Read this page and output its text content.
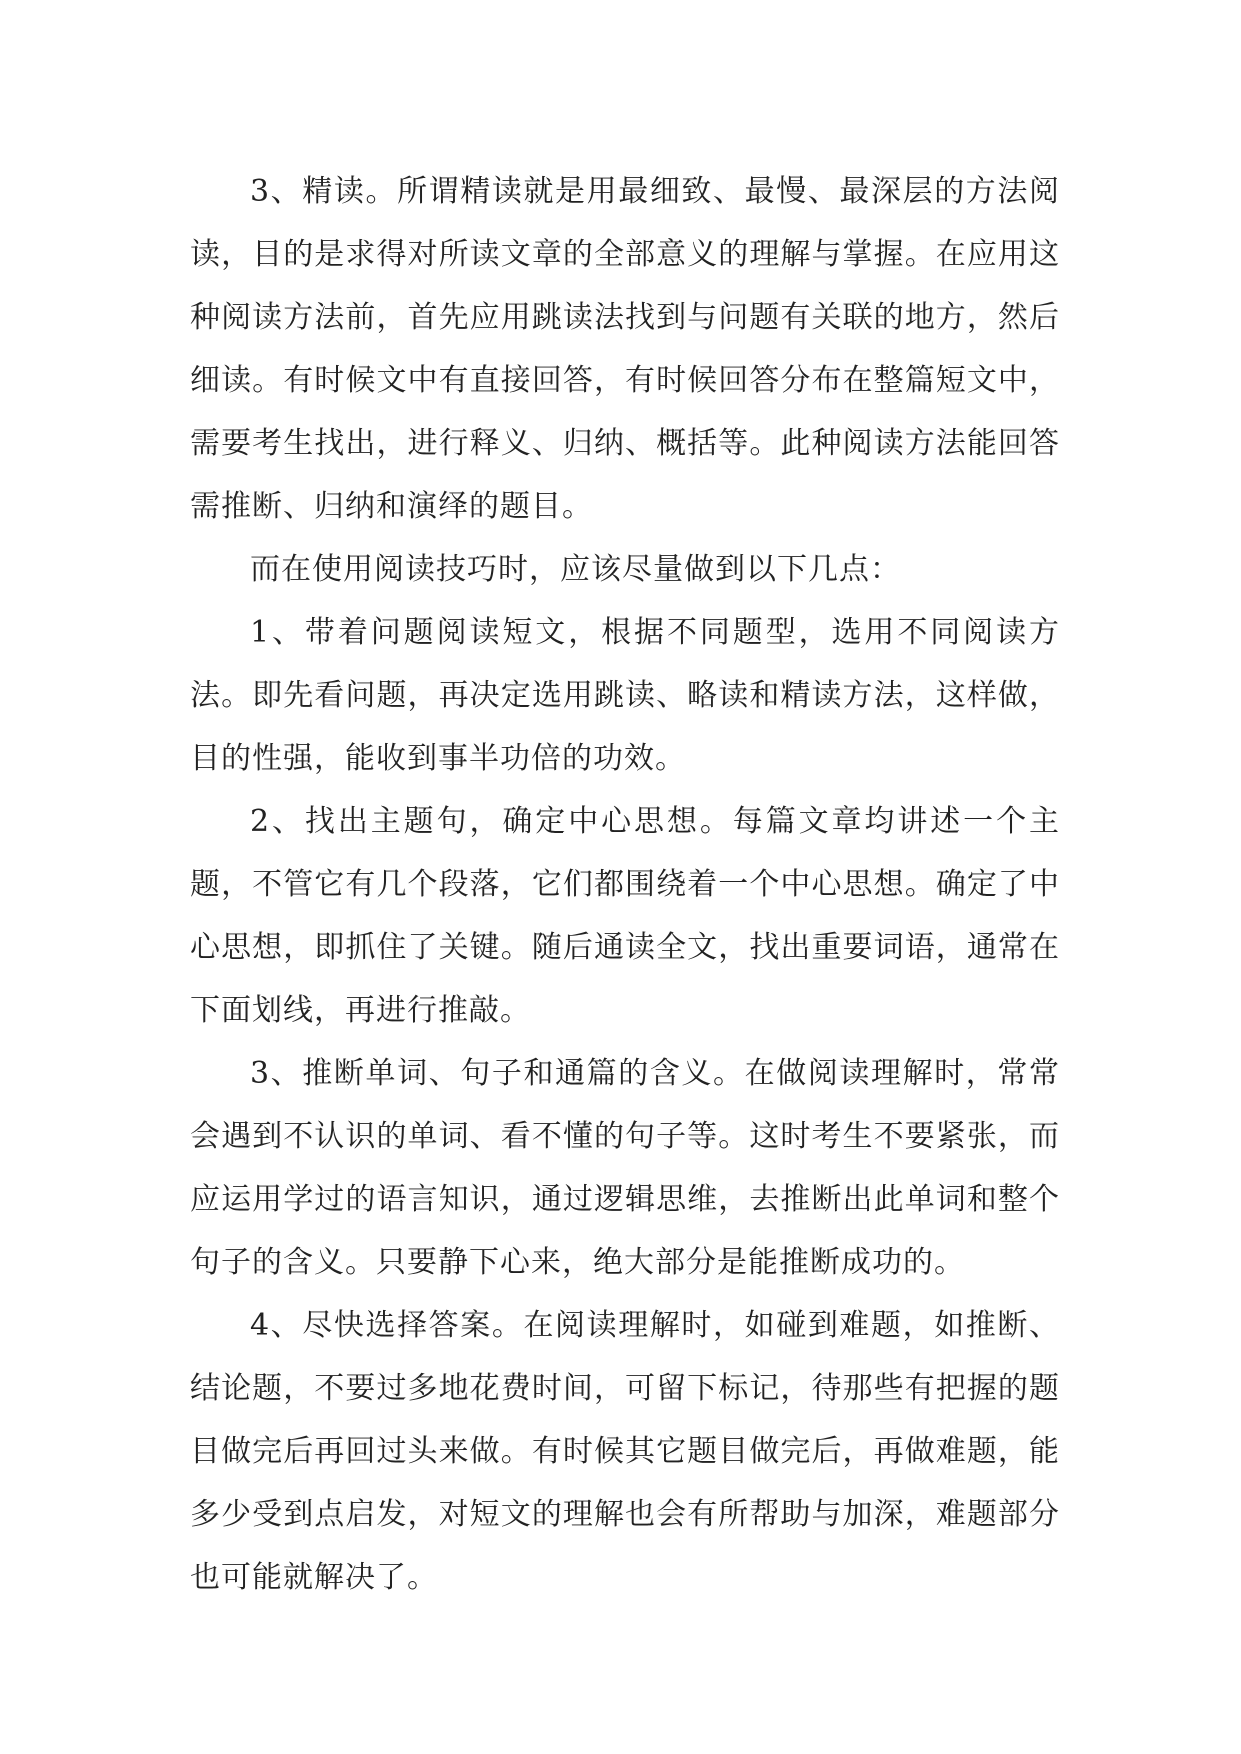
3、精读。所谓精读就是用最细致、最慢、最深层的方法阅读，目的是求得对所读文章的全部意义的理解与掌握。在应用这种阅读方法前，首先应用跳读法找到与问题有关联的地方，然后细读。有时候文中有直接回答，有时候回答分布在整篇短文中，需要考生找出，进行释义、归纳、概括等。此种阅读方法能回答需推断、归纳和演绎的题目。

而在使用阅读技巧时，应该尽量做到以下几点：

1、带着问题阅读短文，根据不同题型，选用不同阅读方法。即先看问题，再决定选用跳读、略读和精读方法，这样做，目的性强，能收到事半功倍的功效。

2、找出主题句，确定中心思想。每篇文章均讲述一个主题，不管它有几个段落，它们都围绕着一个中心思想。确定了中心思想，即抓住了关键。随后通读全文，找出重要词语，通常在下面划线，再进行推敲。

3、推断单词、句子和通篇的含义。在做阅读理解时，常常会遇到不认识的单词、看不懂的句子等。这时考生不要紧张，而应运用学过的语言知识，通过逻辑思维，去推断出此单词和整个句子的含义。只要静下心来，绝大部分是能推断成功的。

4、尽快选择答案。在阅读理解时，如碰到难题，如推断、结论题，不要过多地花费时间，可留下标记，待那些有把握的题目做完后再回过头来做。有时候其它题目做完后，再做难题，能多少受到点启发，对短文的理解也会有所帮助与加深，难题部分也可能就解决了。
